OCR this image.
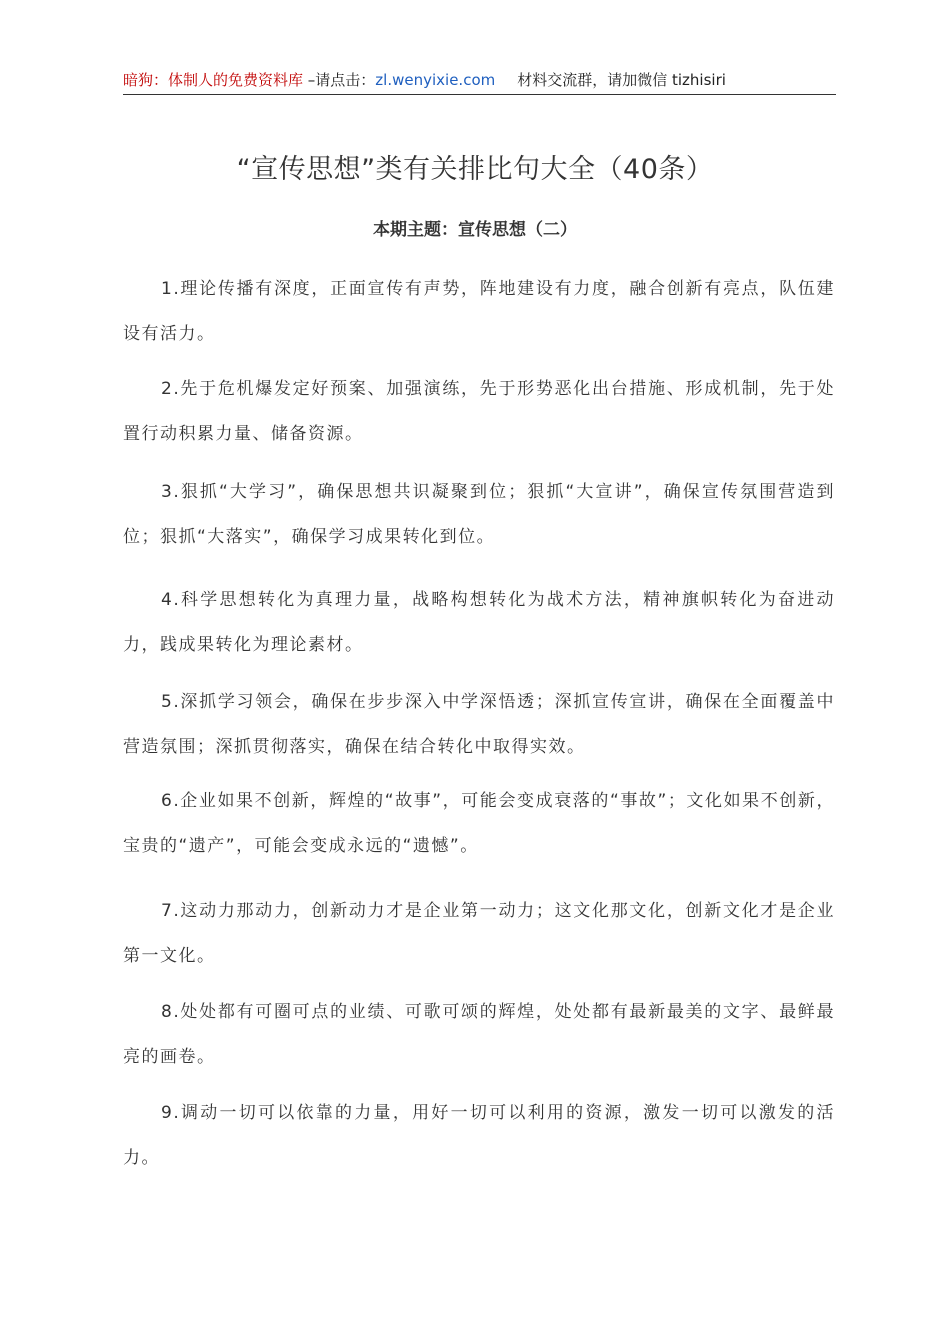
暗狗：体制人的免费资料库 –请点击：zl.wenyixie.com 材料交流群，请加微信 tizhisiri
“宣传思想”类有关排比句大全（40条）
本期主题：宣传思想（二）

1.理论传播有深度，正面宣传有声势，阵地建设有力度，融合创新有亮点，队伍建设有活力。

2.先于危机爆发定好预案、加强演练，先于形势恶化出台措施、形成机制，先于处置行动积累力量、储备资源。

3.狠抓“大学习”，确保思想共识凝聚到位；狠抓“大宣讲”，确保宣传氛围营造到位；狠抓“大落实”，确保学习成果转化到位。

4.科学思想转化为真理力量，战略构想转化为战术方法，精神旗帜转化为奋进动力，践成果转化为理论素材。

5.深抓学习领会，确保在步步深入中学深悟透；深抓宣传宣讲，确保在全面覆盖中营造氛围；深抓贯彻落实，确保在结合转化中取得实效。

6.企业如果不创新，辉煌的“故事”，可能会变成衰落的“事故”；文化如果不创新，宝贵的“遗产”，可能会变成永远的“遗憾”。

7.这动力那动力，创新动力才是企业第一动力；这文化那文化，创新文化才是企业第一文化。

8.处处都有可圈可点的业绩、可歌可颂的辉煌，处处都有最新最美的文字、最鲜最亮的画卷。

9.调动一切可以依靠的力量，用好一切可以利用的资源，激发一切可以激发的活力。
